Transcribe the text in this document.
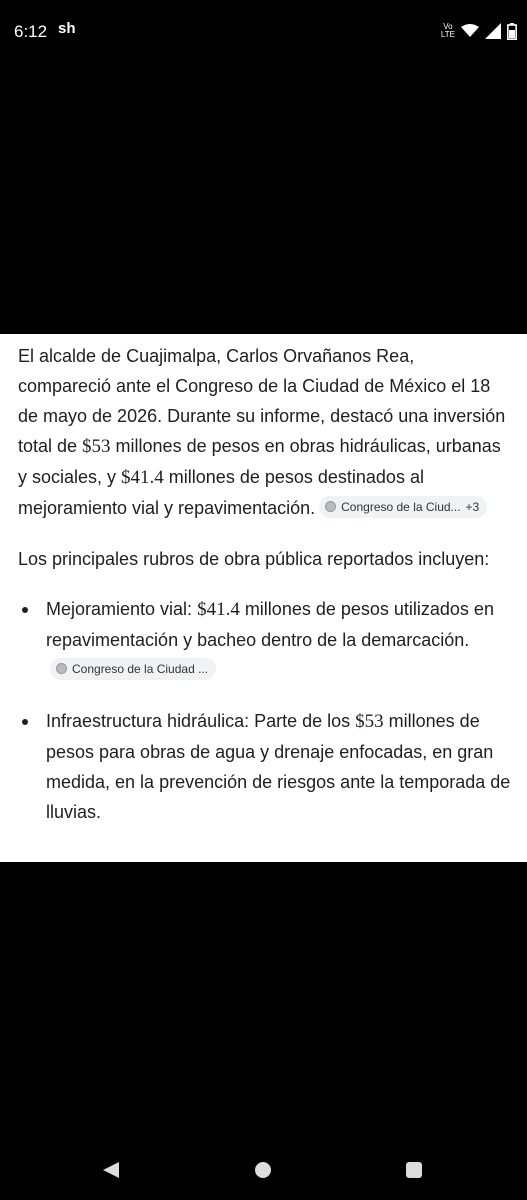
6:12 sh	Vo
LTE

El alcalde de Cuajimalpa, Carlos Orvañanos Rea, compareció ante el Congreso de la Ciudad de México el 18 de mayo de 2026. Durante su informe, destacó una inversión total de $53 millones de pesos en obras hidráulicas, urbanas y sociales, y $41.4 millones de pesos destinados al mejoramiento vial y repavimentación. Congreso de la Ciud... +3

Los principales rubros de obra pública reportados incluyen:

Mejoramiento vial: $41.4 millones de pesos utilizados en repavimentación y bacheo dentro de la demarcación.
Congreso de la Ciudad ...
Infraestructura hidráulica: Parte de los $53 millones de pesos para obras de agua y drenaje enfocadas, en gran medida, en la prevención de riesgos ante la temporada de lluvias.
